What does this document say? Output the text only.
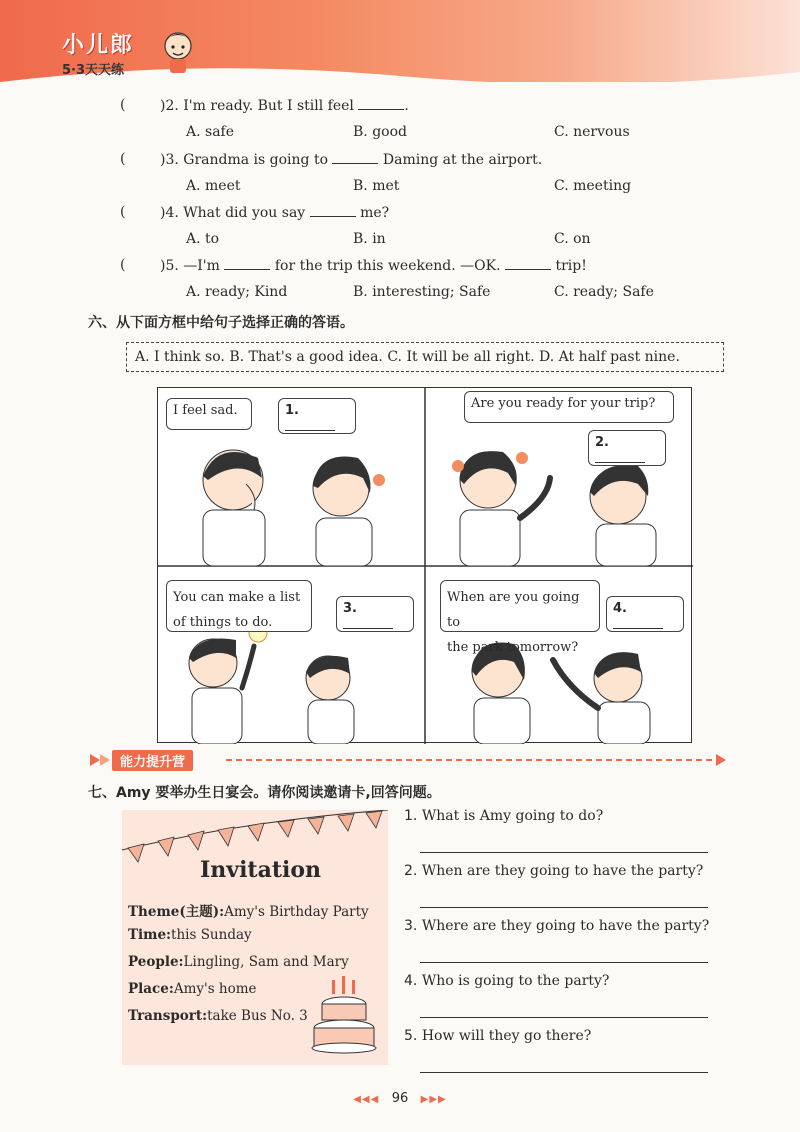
小儿郎
5·3天天练
( )2. I'm ready. But I still feel	.
A. safe	B. good	C. nervous
( )3. Grandma is going to	Daming at the airport.
A. meet	B. met	C. meeting
( )4. What did you say	me?
A. to	B. in	C. on
( )5. —I'm	for the trip this weekend. —OK.	trip!
A. ready; Kind	B. interesting; Safe	C. ready; Safe
六、从下面方框中给句子选择正确的答语。
A. I think so. B. That's a good idea. C. It will be all right. D. At half past nine.
I feel sad.	1.	Are you ready for your trip?
2.
You can make a list
of things to do.
3.
When are you going to
the park tomorrow?
4.
能力提升营
七、Amy 要举办生日宴会。请你阅读邀请卡,回答问题。
Invitation
Theme(主题):Amy's Birthday Party
Time:this Sunday
People:Lingling, Sam and Mary
Place:Amy's home
Transport:take Bus No. 3
1. What is Amy going to do?
2. When are they going to have the party?
3. Where are they going to have the party?
4. Who is going to the party?
5. How will they go there?
◀◀◀ 96 ▶▶▶
